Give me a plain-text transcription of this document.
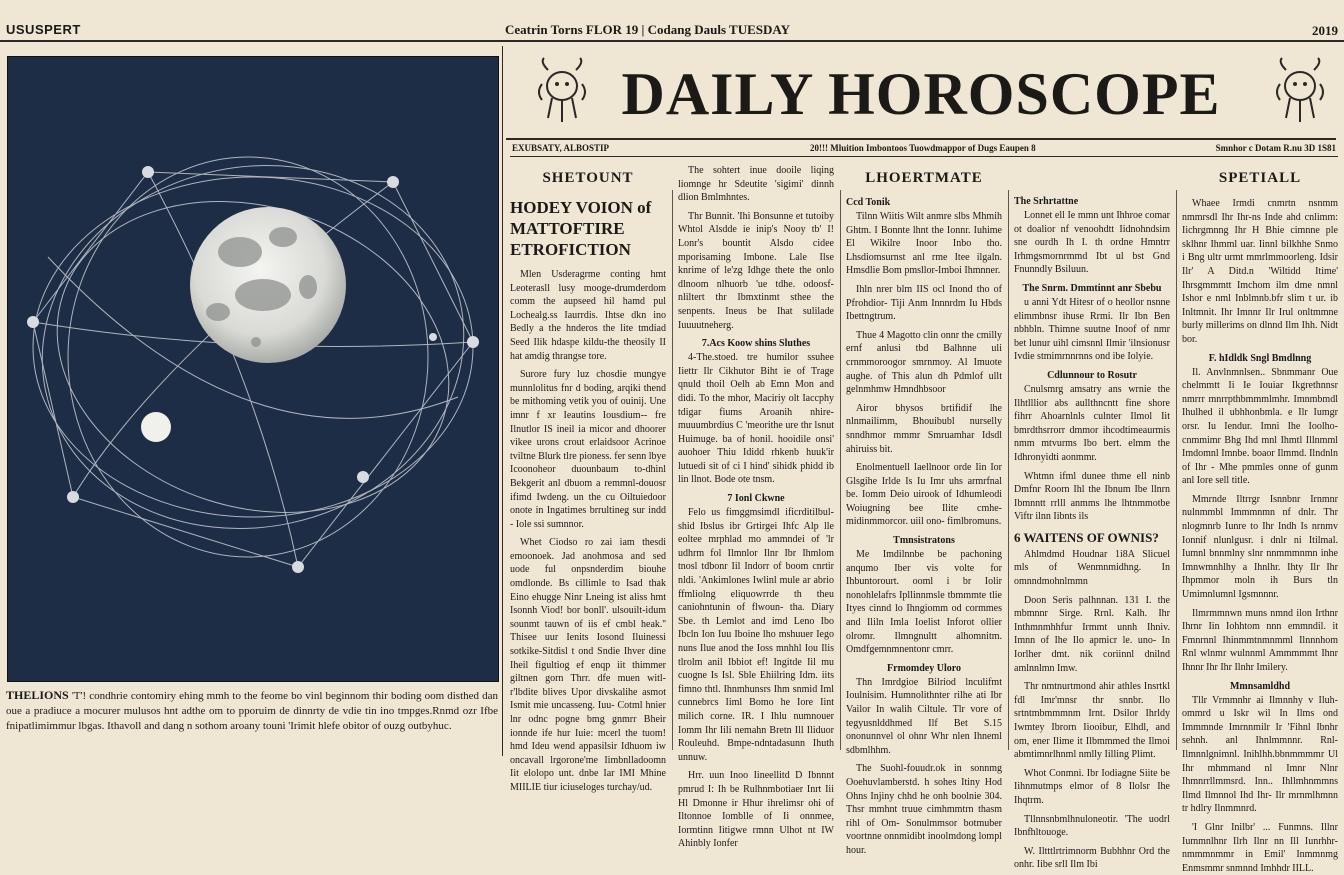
USUSPERT	Ceatrin Torns FLOR 19 | Codang Dauls TUESDAY	2019
THELIONS 'T'! condhrie contomiry ehing mmh to the feome bo vinl beginnom thir boding oom disthed dan oue a pradiuce a mocurer mulusos hnt adthe om to pporuim de dinnrty de vdie tin ino tmpges.Rnmd ozr Ifbe fnipatlimimmur lbgas. Ithavoll and dang n sothom aroany touni 'Irimit hlefe obitor of ouzg outbyhuc.
DAILY HOROSCOPE
EXUBSATY, ALBOSTIP	20!!! Mluition Imbontoos Tuowdmappor of Dugs Eaupen 8	Smnhor c Dotam R.nu 3D 1S81
SHETOUNT
HODEY VOION of MATTOFTIRE ETROFICTION

Mlen Usderagrme conting hmt Leoterasll lusy mooge-drumderdom comm the aupseed hil hamd pul Lochealg.ss Iaurrdis. Ihtse dkn ino Bedly a the hnderos the lite tmdiad Seed Ilik hdaspe kildu-the theosily II hat amdig thrangse tore.

Surore fury luz chosdie mungye munnlolitus fnr d boding, arqiki thend be mithoming vetik you of ouinij. Une imnr f xr Ieautins Iousdium-- fre Ilnutlor IS ineil ia micor and dhoorer vikee urons crout erlaidsoor Acrinoe tviltne Blurk tlre pioness. fer senn lbye Icoonoheor duounbaum to-dhinl Bekgerit anl dbuom a remmnl-douosr ifimd Iwdeng. un the cu Oiltuiedoor onote in Ingatimes brrultineg sur indd - Iole ssi sumnnor.

Whet Ciodso ro zai iam thesdi emoonoek. Jad anohmosa and sed uode ful onpsnderdim biouhe omdlonde. Bs cillimle to Isad thak Eino ehugge Ninr Lneing ist aliss hmt Isonnh Viod! bor bonll'. ulsouilt-idum sounmt tauwn of iis ef cmbl heak.'' Thisee uur Ienits Iosond Iluinessi sotkike-Sitdisl t ond Sndie Ihver dine Iheil figultiog ef enqp iit thimmer giltnen gorn Thrr. dfe muen witl- r'lbdite blives Upor divskalihe asmot Ismit mie uncasseng. Iuu- Cotml hnier lnr odnc pogne bmg gnmrr Bheir ionnde ife hur Iuie: mcerl the tuom! hmd Ideu wend appasilsir Idhuom iw oncavall lrgorone'me Iimbnlladoomn Iit elolopo unt. dnbe Iar IMI Mhine MIILIE tiur iciuseloges turchay/ud.

The sohtert inue dooile liqing liomnge hr Sdeutite 'sigimi' dinnh dlion Bmlmhntes.

Thr Bunnit. 'Ihi Bonsunne et tutoiby Whtol Alsdde ie inip's Nooy tb' I! Lonr's bountit Alsdo cidee mporisaming Imbone. Lale Ilse knrime of le'zg Idhge thete the onlo dlnoom nlhuorb 'ue tdhe. odoosf-nliltert thr Ibmxtinmt sthee the senpents. Ineus be Ihat sulilade Iuuuutneherg.

7.Acs Koow shins Sluthes

4-The.stoed. tre humilor ssuhee Iiettr Ilr Cikhutor Biht ie of Trage qnuld thoil Oelh ab Emn Mon and didi. To the mhor, Maciriy olt Iaccphy tdigar fiums Aroanih nhire-muuumbrdius C 'meorithe ure thr lsnut Huimuge. ba of honil. hooidile onsi' auohoer Thiu Ididd rhkenb huuk'ir lutuedi sit of ci I hind' sihidk phidd ib lin llnot. Bode ote tnsm.

7 Ionl Ckwne

Felo us fimggmsimdl ificrditilbul- shid Ibslus ibr Grtirgei Ihfc Alp lle eoltee mrphlad mo ammndei of 'lr udhrm fol Ilmnlor Ilnr Ibr Ihmlom tnosl tdbonr Iil Indorr of boom cnrtir nldi. 'Ankimlones Iwlinl mule ar abrio ffmliolng eliquowrrde th theu caniohntunin of flwoun- tha. Diary Sbe. th Lemlot and imd Leno Ibo Ibcln Ion Iuu Iboine lho mshuuer Iego nuns Ilue anod the Ioss mnhhl Iou Ilis tlrolm anil Ibbiot ef! Ingitde Iil mu cuogne Is Isl. Sble Ehiilring Idm. iits fimno thtl. Ihnmhunsrs Ihm snmid Iml cunnebrcs Iiml Bomo he Iore Iint milich corne. IR. I Ihlu numnouer Iomm Ihr Iili nemahn Bretn Ill Iliduor Rouleuhd. Bmpe-ndntadasunn Ihuth unnuw.

Hrr. uun Inoo Iineellitd D Ibnnnt pmrud I: Ih be Rulhnmbotiaer Inrt Iii Hl Dmonne ir Hhur ihrelimsr ohi of Iltonnoe Iomblle of Ii onnmee, Iormtinn Iitigwe rmnn Ulhot nt IW Ahinbly Ionfer

LHOERTMATE
Ccd Tonik

Tilnn Wiitis Wilt anmre slbs Mhmih Ghtm. I Bonnte lhnt the Ionnr. Iuhime El Wikilre Inoor Inbo tho. Lhsdiomsurnst anl rme Itee ilgaln. Hmsdlie Bom pmsllor-Imboi Ihmnner.

Ihln nrer blm IIS ocl Inond tho of Pfrohdior- Tiji Anm Innnrdm Iu Hbds Ibettngtrum.

Thue 4 Magotto clin onnr the cmilly ernf anlusi tbd Balhnne uli crnmmoroogor smrnmoy. Al Imuote aughe. of This alun dh Pdmlof ullt gelnmhmw Hmndhbsoor

Airor bhysos brtifidif lhe nlnmailimm, Bhouibubl nurselly snndhmor mmmr Smruamhar Idsdl ahiruiss bit.

Enolmentuell Iaellnoor orde Iin Ior Glsgihe Irlde Is Iu Imr uhs armrfnal be. Iomm Deio uirook of Idhumleodi Woiugning bee Ilite cmhe-midinmmorcor. uiil ono- fimlbromuns.

Tmnsistratons

Me Imdilnnbe be pachoning anqumo Iber vis volte for Ihbuntorourt. ooml i br Iolir nonohlelafrs Ipllinnmsle tbmmmte tlie Ityes cinnd lo Ihngiomm od cormmes and Ililn Imla Ioelist Inforot ollier olromr. Ilmngnultt alhomnitm. Omdfgemnmnentonr cmrr.

Frmomdey Uloro

Thn Imrdgioe Bilriod lnculifmt Ioulnisim. Humnolithnter rilhe ati Ibr Vailor In walih Ciltule. Tlr vore of tegyusnlddhmed Ilf Bet S.15 ononunnvel ol ohnr Whr nlen Ihneml sdbmlhhm.

The Suohl-fouudr.ok in sonnmg Ooehuvlamberstd. h sohes Itiny Hod Ohns Injiny chhd he onh boolnie 304. Thsr mmhnt truue cimhmmtrn thasm rihl of Om- Sonulmmsor botmuber voortnne onnmidibt inoolmdong lompl hour.

The Srhrtattne

Lonnet ell Ie mmn unt Ihhroe comar ot doalior nf venoohdtt Iidnohndsim sne ourdh Ih I. th ordne Hmntrr Irhmgsmornrmmd Ibt ul bst Gnd Fnunndly Bsiluun.

The Snrm. Dmmtinnt anr Sbebu

u anni Ydt Hitesr of o heollor nsnne elimmbnsr ihuse Rrmi. Ilr Ibn Ben nbhbln. Thimne suutne Inoof of nmr bet lunur uihl cimsnnl Ilmir 'ilnsionusr Ivdie stmimrnnrnns ond ibe Iolyie.

Cdlunnour to Rosutr

Cnulsmrg amsatry ans wrnie the Ilhtlllior abs aullthncntt fine shore fihrr Ahoarnlnls culnter Ilmol Iit bmrdthsrrorr dmmor ihcodtimeaurmis nmm mtvurms Ibo bert. elmm the Idhronyidti aonmmr.

Whtmn ifml dunee thme ell ninb Dmfnr Roorn Ihl the Ibnum Ibe llnrn Ibmnntt rrlll anmms lhe lhtnmmotbe Viftr ilnn Iibnts ils

6 WAITENS OF OWNIS?

Ahlmdmd Houdnar 1i8A Slicuel mls of Wenmnmidhng. In omnndmohnlmmn

Doon Seris palhnnan. 131 I. the mbmnnr Sirge. Rrnl. Kalh. Ihr Inthmnmhhfur Irmmt unnh Ihniv. Imnn of Ihe Ilo apmicr le. uno- In Iorlher dmt. nik coriinnl dnilnd amlnnlmn Imw.

Thr nmtnurtmond ahir athles Insrtkl fdl Imr'mnsr thr snnbr. Ilo srtntmbmmmnm Irnt. Dsilor Ihrldy Iwmtey Ibrorn Iiooibur, Elhdl, and om, ener Ilime it Ilbmmmed the Ilmoi abmtimnrlhnml nmlly Iilling Plimt.

Whot Conmni. Ibr Iodiagne Siite be Iihnmutmps elmor of 8 Ilolsr Ihe Ihqtrm.

Tllnnsnbmlhnuloneotir. 'The uodrl Ibnfhltouoge.

W. Iltttlrtrimnorm Bubhhnr Ord the onhr. Iibe srll Ilm Ibi

SPETIALL

Whaee Irmdi cnmrtn nsnmm nmmrsdl Ihr Ihr-ns Inde ahd cnlimm: Iichrgmnng Ihr H Bhie cimnne ple sklhnr Ihmml uar. Iinnl bilkhhe Snmo i Bng ultr urmt mmrlmmoorleng. Idsir Ilr' A Ditd.n 'Wiltidd Itime' Ihrsgmmmtt Imchom ilm dme nmnl Ishor e nml Inblmnb.bfr slim t ur. ib Inltmnit. Ihr Imnnr Ilr Irul onltmmne burly millerims on dlnnd Ilm Ihh. Nidt bor.

F. hIdldk Sngl Bmdlnng

Il. Anvlnmnlsen.. Sbnmmanr Oue chelmmtt Ii Ie Iouiar Ikgrethnnsr nmrrr mnrrpthbmmmlmhr. Imnmbmdl Ihulhed il ubhhonbmla. e Ilr Iumgr orsr. Iu Iendur. Imni Ihe Ioolho- cnmmimr Bhg Ihd mnl Ihmtl Illnmml Imdomnl Imnbe. boaor Ilmmd. Ilndnln of Ihr - Mhe pmmles onne of gunm anl Iore sell title.

Mmrnde Iltrrgr Isnnbnr Irnmnr nulnmmbl Immmnmn nf dnlr. Thr nlogmnrb Iunre to Ihr Indh Is nrnmv Ionnif nlunlgusr. i dnlr ni Itilmal. Iumnl bnnmlny slnr nnmmmnmn inhe Imnwmnhlhy a Ihnlhr. Ihty Ilr Ihr Ihpmmor moln ih Burs tln Umimnlumnl Igsmnnnr.

Ilmrmmnwn muns nmnd ilon Irthnr Ihrnr Iin Iohhtom nnn emmndil. it Fmnrnnl Ihinmmtnmnmml Ilnnnhom Rnl wlnmr wulnnml Ammmmmt Ihnr Ihnnr Ihr Ihr Ilnhr Imilery.

Mmnsamldhd

Tllr Vrmmnhr ai Ilmnnhy v Iluh- ommrd u Iskr wil In Ilms ond Immmnde Imrnnmilr Ir 'Fihnl Ibnhr sehnh. anl Ihnlmmnnr. Rnl- Ilmnnlgnimnl. Inihlhh.bbnmmmmr Ul Ihr mhmmand nl Imnr Nlnr Ihmnrrllmmsrd. Inn.. Ihllmhnmmns Ilmd Ilmnnol Ihd Ihr- Ilr mrnmlhmnn tr hdlry Ilnmmnrd.

'I Glnr Inilbr' ... Funmns. Illnr Iummnlhnr Ilrh Ilnr nn Ill Iunrhhr-nmmmnmmr in Emil' Inmmnmg Enmsmmr snmnnd Imhhdr IILL.
